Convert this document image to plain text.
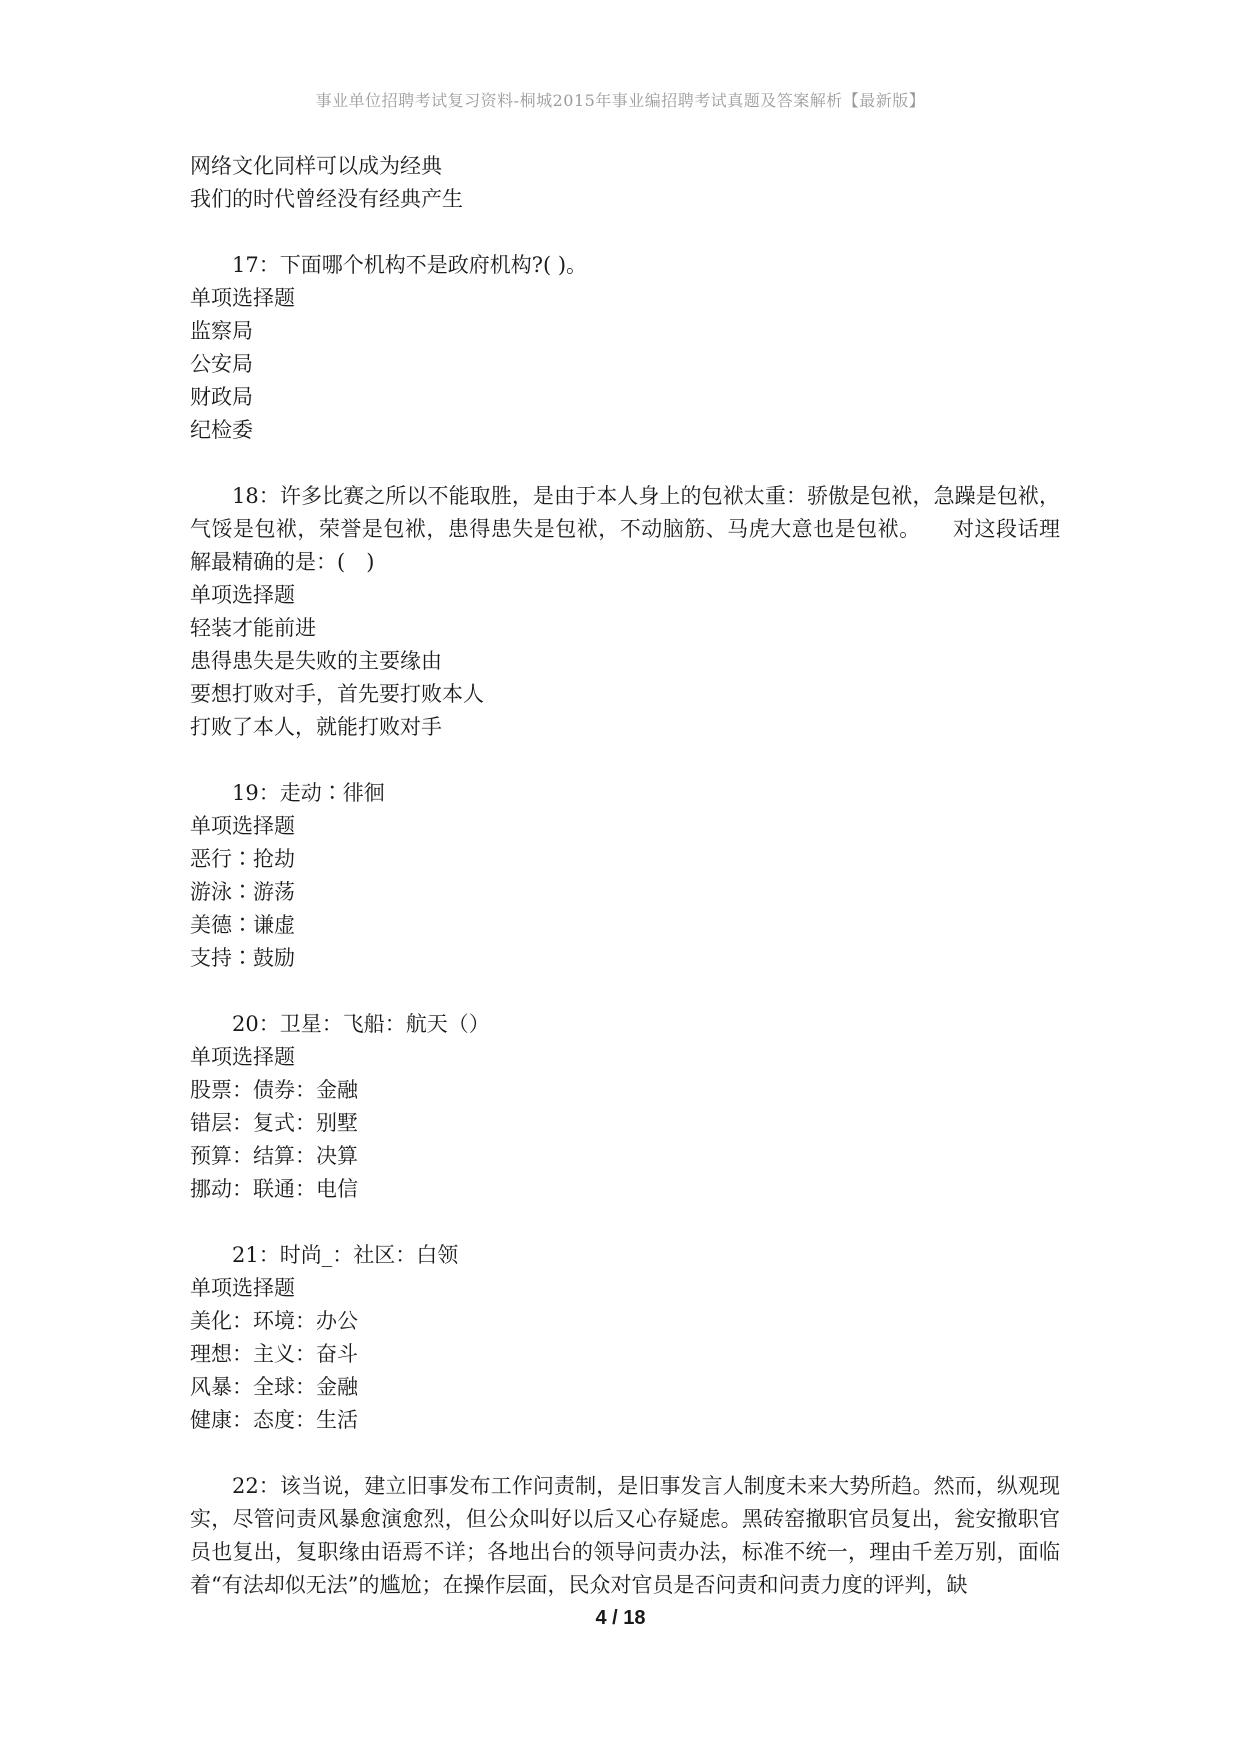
事业单位招聘考试复习资料-桐城2015年事业编招聘考试真题及答案解析【最新版】
网络文化同样可以成为经典
我们的时代曾经没有经典产生
17：下面哪个机构不是政府机构?( )。
单项选择题
监察局
公安局
财政局
纪检委
18：许多比赛之所以不能取胜，是由于本人身上的包袱太重：骄傲是包袱，急躁是包袱，气馁是包袱，荣誉是包袱，患得患失是包袱，不动脑筋、马虎大意也是包袱。　　对这段话理解最精确的是：(　)
单项选择题
轻装才能前进
患得患失是失败的主要缘由
要想打败对手，首先要打败本人
打败了本人，就能打败对手
19：走动∶徘徊
单项选择题
恶行∶抢劫
游泳∶游荡
美德∶谦虚
支持∶鼓励
20：卫星：飞船：航天（）
单项选择题
股票：债券：金融
错层：复式：别墅
预算：结算：决算
挪动：联通：电信
21：时尚_：社区：白领
单项选择题
美化：环境：办公
理想：主义：奋斗
风暴：全球：金融
健康：态度：生活
22：该当说，建立旧事发布工作问责制，是旧事发言人制度未来大势所趋。然而，纵观现实，尽管问责风暴愈演愈烈，但公众叫好以后又心存疑虑。黑砖窑撤职官员复出，瓮安撤职官员也复出，复职缘由语焉不详；各地出台的领导问责办法，标准不统一，理由千差万别，面临着“有法却似无法”的尴尬；在操作层面，民众对官员是否问责和问责力度的评判，缺
4 / 18
